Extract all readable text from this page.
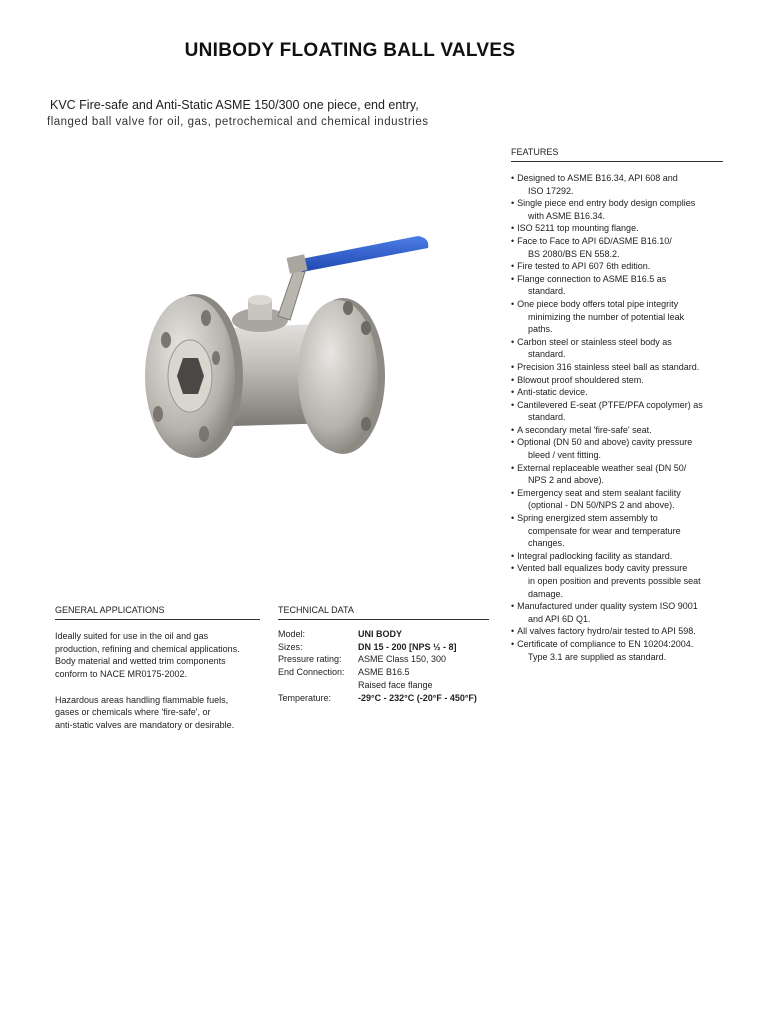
UNIBODY FLOATING BALL VALVES
KVC Fire-safe and Anti-Static ASME 150/300 one piece, end entry,
flanged ball valve for oil, gas, petrochemical and chemical industries
FEATURES
• Designed to ASME B16.34, API 608 and
ISO 17292.
• Single piece end entry body design complies
with ASME B16.34.
• ISO 5211 top mounting flange.
• Face to Face to API 6D/ASME B16.10/
BS 2080/BS EN 558.2.
• Fire tested to API 607 6th edition.
• Flange connection to ASME B16.5 as
standard.
• One piece body offers total pipe integrity
minimizing the number of potential leak
paths.
• Carbon steel or stainless steel body as
standard.
• Precision 316 stainless steel ball as standard.
• Blowout proof shouldered stem.
• Anti-static device.
• Cantilevered E-seat (PTFE/PFA copolymer) as
standard.
• A secondary metal 'fire-safe' seat.
• Optional (DN 50 and above) cavity pressure
bleed / vent fitting.
• External replaceable weather seal (DN 50/
NPS 2 and above).
• Emergency seat and stem sealant facility
(optional - DN 50/NPS 2 and above).
• Spring energized stem assembly to
compensate for wear and temperature
changes.
• Integral padlocking facility as standard.
• Vented ball equalizes body cavity pressure
in open position and prevents possible seat
damage.
• Manufactured under quality system ISO 9001
and API 6D Q1.
• All valves factory hydro/air tested to API 598.
• Certificate of compliance to EN 10204:2004.
Type 3.1 are supplied as standard.
GENERAL APPLICATIONS

Ideally suited for use in the oil and gas
production, refining and chemical applications.
Body material and wetted trim components
conform to NACE MR0175-2002.

Hazardous areas handling flammable fuels,
gases or chemicals where 'fire-safe', or
anti-static valves are mandatory or desirable.

TECHNICAL DATA
Model:	UNI BODY
Sizes:	DN 15 - 200 [NPS ½ - 8]
Pressure rating:	ASME Class 150, 300
End Connection:	ASME B16.5
	Raised face flange
Temperature:	-29°C - 232°C (-20°F - 450°F)
